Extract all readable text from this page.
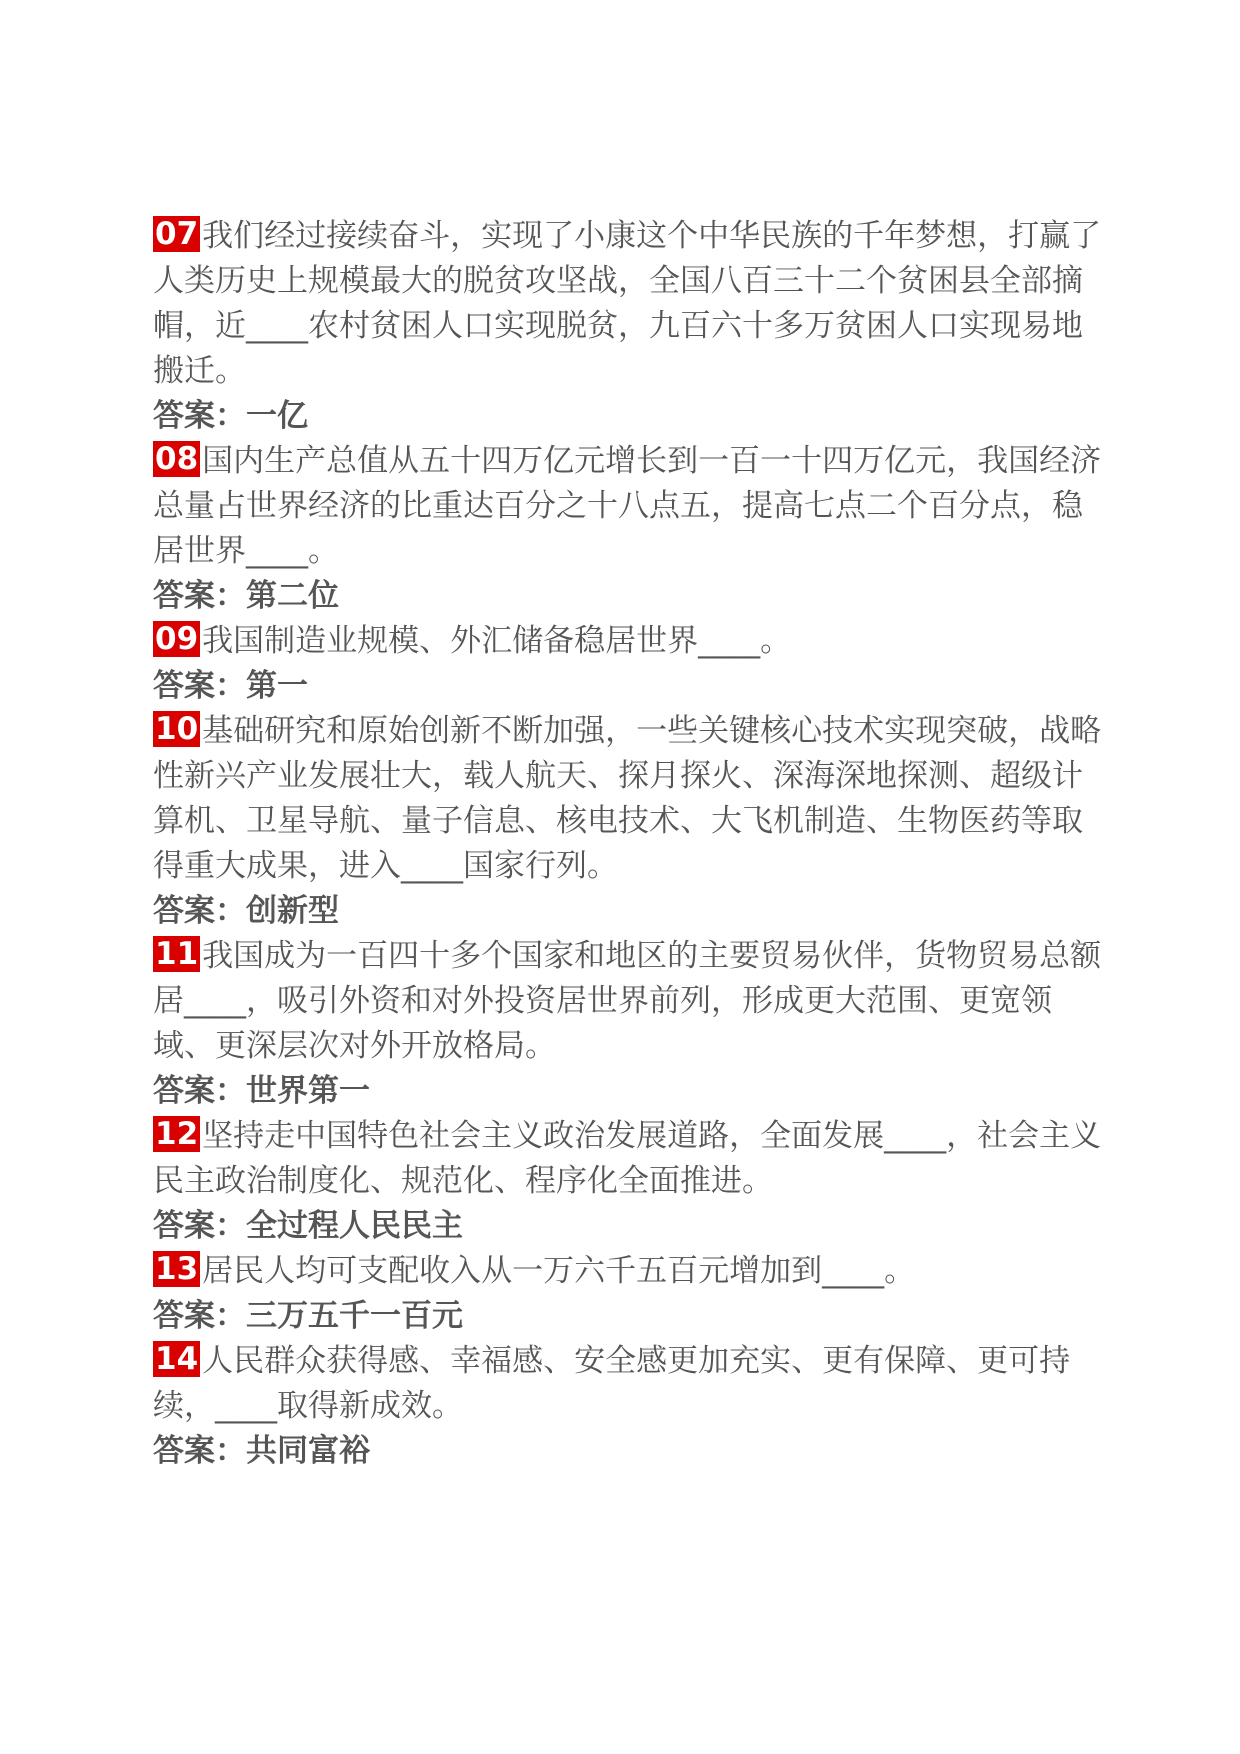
07 我们经过接续奋斗，实现了小康这个中华民族的千年梦想，打赢了人类历史上规模最大的脱贫攻坚战，全国八百三十二个贫困县全部摘帽，近____农村贫困人口实现脱贫，九百六十多万贫困人口实现易地搬迁。

答案：一亿

08 国内生产总值从五十四万亿元增长到一百一十四万亿元，我国经济总量占世界经济的比重达百分之十八点五，提高七点二个百分点，稳居世界____。

答案：第二位

09 我国制造业规模、外汇储备稳居世界____。

答案：第一

10 基础研究和原始创新不断加强，一些关键核心技术实现突破，战略性新兴产业发展壮大，载人航天、探月探火、深海深地探测、超级计算机、卫星导航、量子信息、核电技术、大飞机制造、生物医药等取得重大成果，进入____国家行列。

答案：创新型

11 我国成为一百四十多个国家和地区的主要贸易伙伴，货物贸易总额居____，吸引外资和对外投资居世界前列，形成更大范围、更宽领域、更深层次对外开放格局。

答案：世界第一

12 坚持走中国特色社会主义政治发展道路，全面发展____，社会主义民主政治制度化、规范化、程序化全面推进。

答案：全过程人民民主

13 居民人均可支配收入从一万六千五百元增加到____。

答案：三万五千一百元

14 人民群众获得感、幸福感、安全感更加充实、更有保障、更可持续，____取得新成效。

答案：共同富裕
